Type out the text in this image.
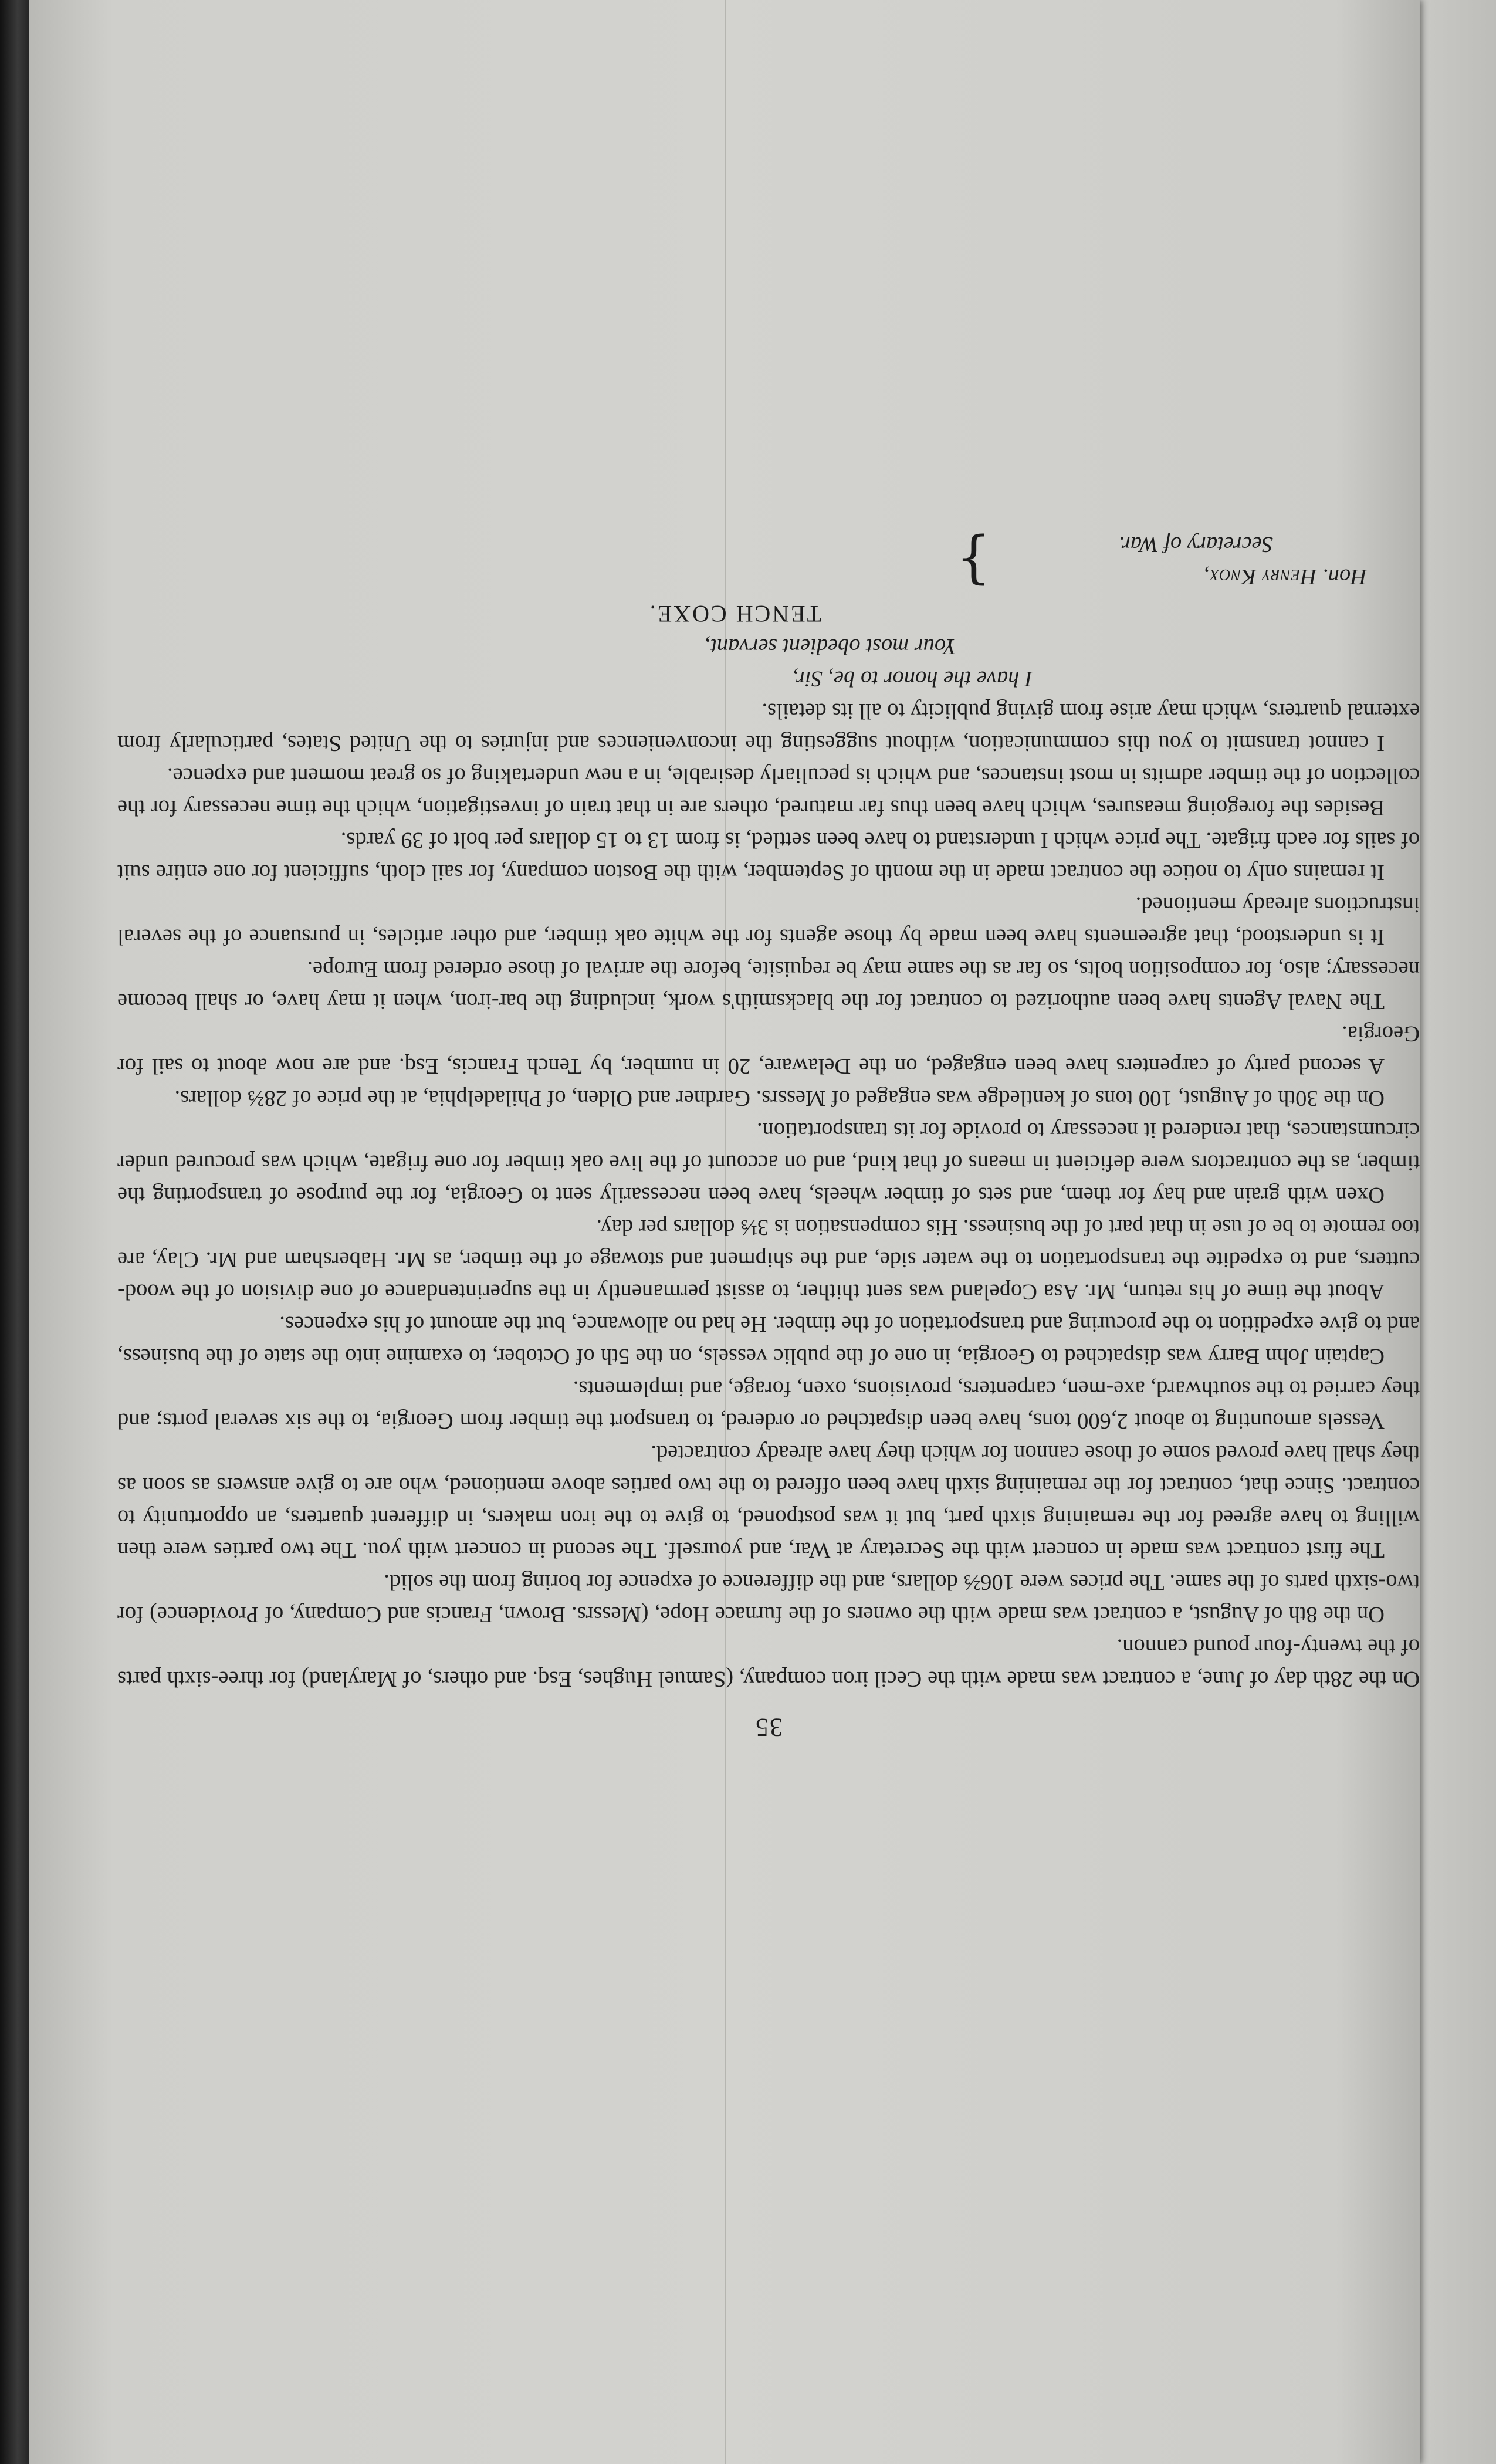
35

On the 28th day of June, a contract was made with the Cecil iron company, (Samuel Hughes, Esq. and others, of Maryland) for three-sixth parts of the twenty-four pound cannon.

On the 8th of August, a contract was made with the owners of the furnace Hope, (Messrs. Brown, Francis and Company, of Providence) for two-sixth parts of the same. The prices were 106⅔ dollars, and the difference of expence for boring from the solid.

The first contract was made in concert with the Secretary at War, and yourself. The second in concert with you. The two parties were then willing to have agreed for the remaining sixth part, but it was postponed, to give to the iron makers, in different quarters, an opportunity to contract. Since that, contract for the remaining sixth have been offered to the two parties above mentioned, who are to give answers as soon as they shall have proved some of those cannon for which they have already contracted.

Vessels amounting to about 2,600 tons, have been dispatched or ordered, to transport the timber from Georgia, to the six several ports; and they carried to the southward, axe-men, carpenters, provisions, oxen, forage, and implements.

Captain John Barry was dispatched to Georgia, in one of the public vessels, on the 5th of October, to examine into the state of the business, and to give expedition to the procuring and transportation of the timber. He had no allowance, but the amount of his expences.

About the time of his return, Mr. Asa Copeland was sent thither, to assist permanently in the superintendance of one division of the wood-cutters, and to expedite the transportation to the water side, and the shipment and stowage of the timber, as Mr. Habersham and Mr. Clay, are too remote to be of use in that part of the business. His compensation is 3⅓ dollars per day.

Oxen with grain and hay for them, and sets of timber wheels, have been necessarily sent to Georgia, for the purpose of transporting the timber, as the contractors were deficient in means of that kind, and on account of the live oak timber for one frigate, which was procured under circumstances, that rendered it necessary to provide for its transportation.

On the 30th of August, 100 tons of kentledge was engaged of Messrs. Gardner and Olden, of Philadelphia, at the price of 28⅔ dollars.

A second party of carpenters have been engaged, on the Delaware, 20 in number, by Tench Francis, Esq. and are now about to sail for Georgia.

The Naval Agents have been authorized to contract for the blacksmith's work, including the bar-iron, when it may have, or shall become necessary; also, for composition bolts, so far as the same may be requisite, before the arrival of those ordered from Europe.

It is understood, that agreements have been made by those agents for the white oak timber, and other articles, in pursuance of the several instructions already mentioned.

It remains only to notice the contract made in the month of September, with the Boston company, for sail cloth, sufficient for one entire suit of sails for each frigate. The price which I understand to have been settled, is from 13 to 15 dollars per bolt of 39 yards.

Besides the foregoing measures, which have been thus far matured, others are in that train of investigation, which the time necessary for the collection of the timber admits in most instances, and which is peculiarly desirable, in a new undertaking of so great moment and expence.

I cannot transmit to you this communication, without suggesting the inconveniences and injuries to the United States, particularly from external quarters, which may arise from giving publicity to all its details.

I have the honor to be, Sir,
Your most obedient servant,
TENCH COXE.
Hon. Henry Knox,
Secretary of War.
}
